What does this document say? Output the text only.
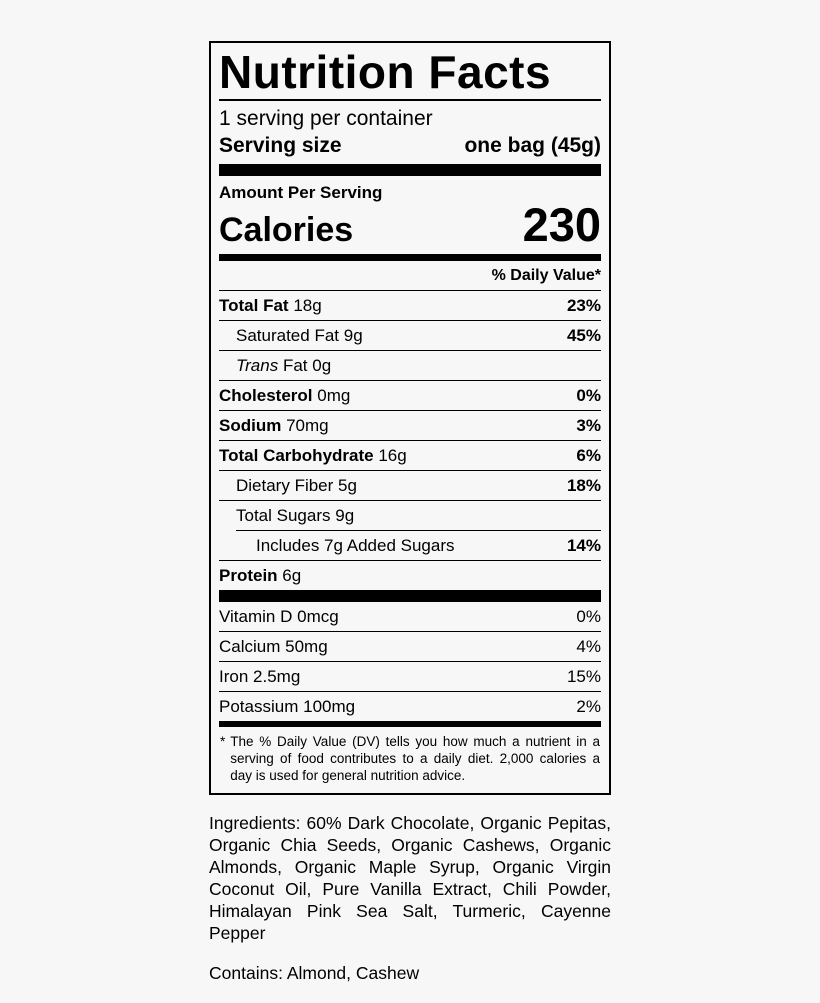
Nutrition Facts
1 serving per container
Serving size	one bag (45g)
Amount Per Serving
Calories	230
% Daily Value*
Total Fat 18g	23%
Saturated Fat 9g	45%
Trans Fat 0g
Cholesterol 0mg	0%
Sodium 70mg	3%
Total Carbohydrate 16g	6%
Dietary Fiber 5g	18%
Total Sugars 9g
Includes 7g Added Sugars	14%
Protein 6g
Vitamin D 0mcg	0%
Calcium 50mg	4%
Iron 2.5mg	15%
Potassium 100mg	2%
* The % Daily Value (DV) tells you how much a nutrient in a serving of food contributes to a daily diet. 2,000 calories a day is used for general nutrition advice.
Ingredients: 60% Dark Chocolate, Organic Pepitas, Organic Chia Seeds, Organic Cashews, Organic Almonds, Organic Maple Syrup, Organic Virgin Coconut Oil, Pure Vanilla Extract, Chili Powder, Himalayan Pink Sea Salt, Turmeric, Cayenne Pepper
Contains: Almond, Cashew
